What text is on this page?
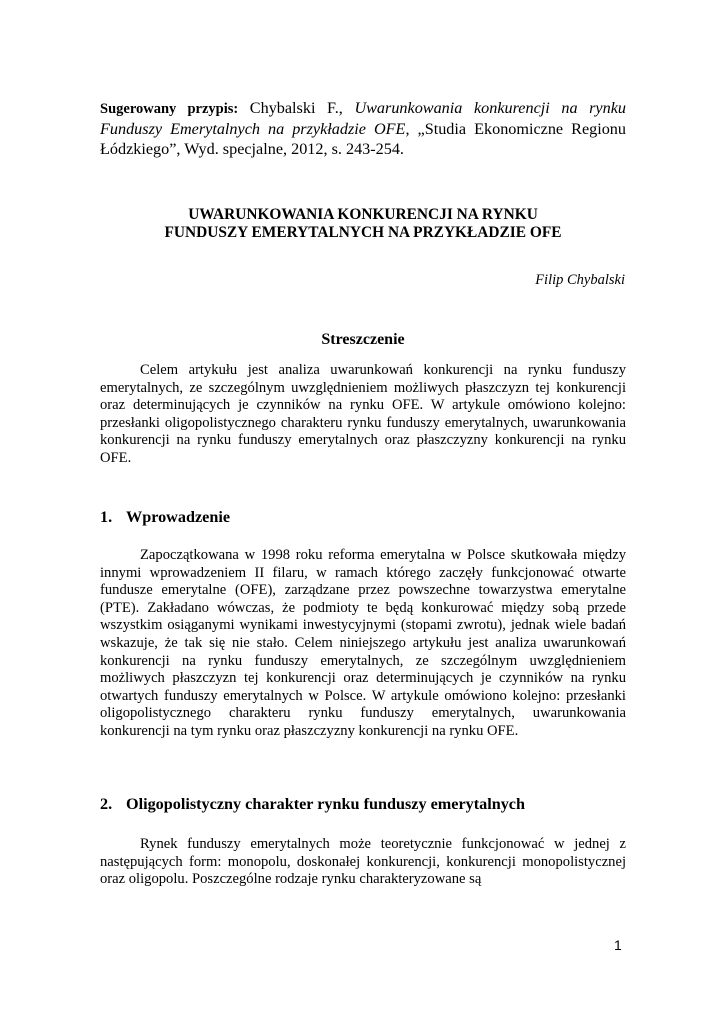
Sugerowany przypis: Chybalski F., Uwarunkowania konkurencji na rynku Funduszy Emerytalnych na przykładzie OFE, „Studia Ekonomiczne Regionu Łódzkiego”, Wyd. specjalne, 2012, s. 243-254.
UWARUNKOWANIA KONKURENCJI NA RYNKU
FUNDUSZY EMERYTALNYCH NA PRZYKŁADZIE OFE
Filip Chybalski
Streszczenie

Celem artykułu jest analiza uwarunkowań konkurencji na rynku funduszy emerytalnych, ze szczególnym uwzględnieniem możliwych płaszczyzn tej konkurencji oraz determinujących je czynników na rynku OFE. W artykule omówiono kolejno: przesłanki oligopolistycznego charakteru rynku funduszy emerytalnych, uwarunkowania konkurencji na rynku funduszy emerytalnych oraz płaszczyzny konkurencji na rynku OFE.

1. Wprowadzenie

Zapoczątkowana w 1998 roku reforma emerytalna w Polsce skutkowała między innymi wprowadzeniem II filaru, w ramach którego zaczęły funkcjonować otwarte fundusze emerytalne (OFE), zarządzane przez powszechne towarzystwa emerytalne (PTE). Zakładano wówczas, że podmioty te będą konkurować między sobą przede wszystkim osiąganymi wynikami inwestycyjnymi (stopami zwrotu), jednak wiele badań wskazuje, że tak się nie stało. Celem niniejszego artykułu jest analiza uwarunkowań konkurencji na rynku funduszy emerytalnych, ze szczególnym uwzględnieniem możliwych płaszczyzn tej konkurencji oraz determinujących je czynników na rynku otwartych funduszy emerytalnych w Polsce. W artykule omówiono kolejno: przesłanki oligopolistycznego charakteru rynku funduszy emerytalnych, uwarunkowania konkurencji na tym rynku oraz płaszczyzny konkurencji na rynku OFE.

2. Oligopolistyczny charakter rynku funduszy emerytalnych

Rynek funduszy emerytalnych może teoretycznie funkcjonować w jednej z następujących form: monopolu, doskonałej konkurencji, konkurencji monopolistycznej oraz oligopolu. Poszczególne rodzaje rynku charakteryzowane są

1
